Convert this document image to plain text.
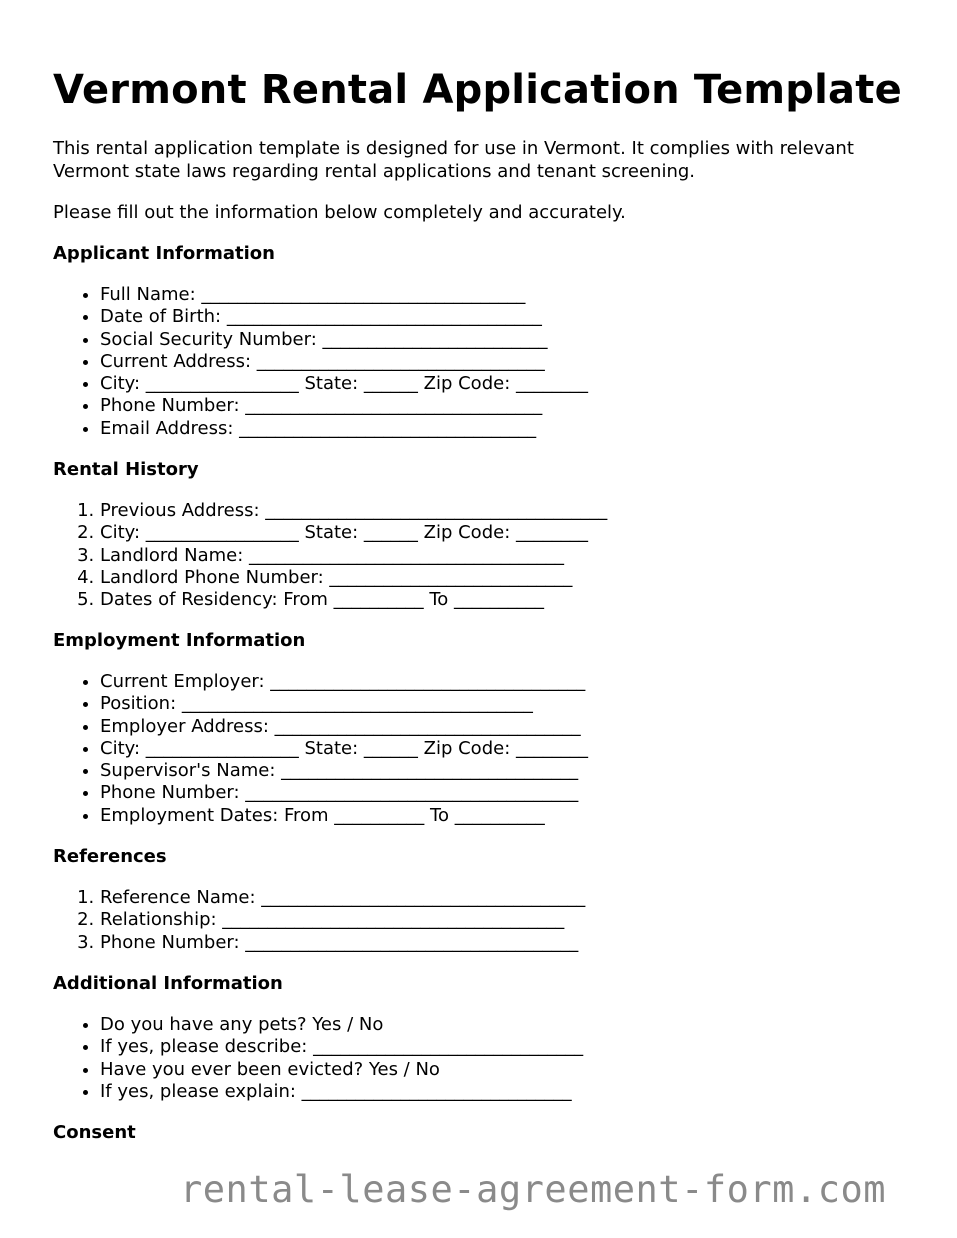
Vermont Rental Application Template

This rental application template is designed for use in Vermont. It complies with relevant Vermont state laws regarding rental applications and tenant screening.

Please fill out the information below completely and accurately.

Applicant Information
• Full Name: ____________________________________
• Date of Birth: ___________________________________
• Social Security Number: _________________________
• Current Address: ________________________________
• City: _________________ State: ______ Zip Code: ________
• Phone Number: _________________________________
• Email Address: _________________________________
Rental History
1. Previous Address: ______________________________________
2. City: _________________ State: ______ Zip Code: ________
3. Landlord Name: ___________________________________
4. Landlord Phone Number: ___________________________
5. Dates of Residency: From __________ To __________
Employment Information
• Current Employer: ___________________________________
• Position: _______________________________________
• Employer Address: __________________________________
• City: _________________ State: ______ Zip Code: ________
• Supervisor's Name: _________________________________
• Phone Number: _____________________________________
• Employment Dates: From __________ To __________
References
1. Reference Name: ____________________________________
2. Relationship: ______________________________________
3. Phone Number: _____________________________________
Additional Information
• Do you have any pets? Yes / No
• If yes, please describe: ______________________________
• Have you ever been evicted? Yes / No
• If yes, please explain: ______________________________
Consent
rental-lease-agreement-form.com
